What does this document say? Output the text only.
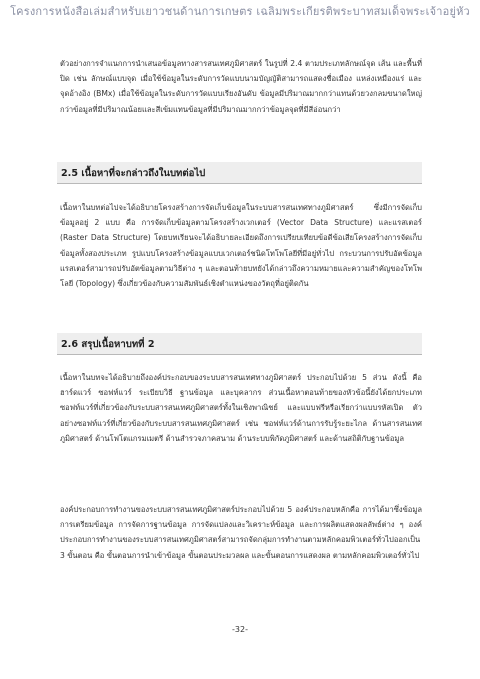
โครงการหนังสือเล่มสำหรับเยาวชนด้านการเกษตร เฉลิมพระเกียรติพระบาทสมเด็จพระเจ้าอยู่หัว

ตัวอย่างการจำแนกการนำเสนอข้อมูลทางสารสนเทศภูมิศาสตร์ ในรูปที่ 2.4 ตามประเภทลักษณ์จุด เส้น และพื้นที่ปิด เช่น ลักษณ์แบบจุด เมื่อใช้ข้อมูลในระดับการวัดแบบนามบัญญัติสามารถแสดงชื่อเมือง แหล่งเหมืองแร่ และจุดอ้างอิง (BMx) เมื่อใช้ข้อมูลในระดับการวัดแบบเรียงอันดับ ข้อมูลมีปริมาณมากกว่าแทนด้วยวงกลมขนาดใหญ่กว่าข้อมูลที่มีปริมาณน้อยและสีเข้มแทนข้อมูลที่มีปริมาณมากกว่าข้อมูลจุดที่มีสีอ่อนกว่า

2.5 เนื้อหาที่จะกล่าวถึงในบทต่อไป

เนื้อหาในบทต่อไปจะได้อธิบายโครงสร้างการจัดเก็บข้อมูลในระบบสารสนเทศทางภูมิศาสตร์ ซึ่งมีการจัดเก็บข้อมูลอยู่ 2 แบบ คือ การจัดเก็บข้อมูลตามโครงสร้างเวกเตอร์ (Vector Data Structure) และแรสเตอร์ (Raster Data Structure) โดยบทเรียนจะได้อธิบายละเอียดถึงการเปรียบเทียบข้อดีข้อเสียโครงสร้างการจัดเก็บข้อมูลทั้งสองประเภท รูปแบบโครงสร้างข้อมูลแบบเวกเตอร์ชนิดโทโพโลยีที่มีอยู่ทั่วไป กระบวนการปรับอัตข้อมูลแรสเตอร์สามารถปรับอัตข้อมูลตามวิธีต่าง ๆ และตอนท้ายบทยังได้กล่าวถึงความหมายและความสำคัญของโทโพโลยี (Topology) ซึ่งเกี่ยวข้องกับความสัมพันธ์เชิงตำแหน่งของวัตถุที่อยู่ติดกัน

2.6 สรุปเนื้อหาบทที่ 2

เนื้อหาในบทจะได้อธิบายถึงองค์ประกอบของระบบสารสนเทศทางภูมิศาสตร์ ประกอบไปด้วย 5 ส่วน ดังนี้ คือ ฮาร์ดแวร์ ซอฟท์แวร์ ระเบียบวิธี ฐานข้อมูล และบุคลากร ส่วนเนื้อหาตอนท้ายของหัวข้อนี้ยังได้ยกประเภทซอฟท์แวร์ที่เกี่ยวข้องกับระบบสารสนเทศภูมิศาสตร์ทั้งในเชิงพาณิชย์ และแบบฟรีหรือเรียกว่าแบบรหัสเปิด ตัวอย่างซอฟท์แวร์ที่เกี่ยวข้องกับระบบสารสนเทศภูมิศาสตร์ เช่น ซอฟท์แวร์ด้านการรับรู้ระยะไกล ด้านสารสนเทศภูมิศาสตร์ ด้านโฟโตแกรมเมตรี ด้านสำรวจภาคสนาม ด้านระบบพิกัดภูมิศาสตร์ และด้านสถิติกับฐานข้อมูล

องค์ประกอบการทำงานของระบบสารสนเทศภูมิศาสตร์ประกอบไปด้วย 5 องค์ประกอบหลักคือ การได้มาซึ่งข้อมูล การเตรียมข้อมูล การจัดการฐานข้อมูล การจัดแปลงและวิเคราะห์ข้อมูล และการผลิตแสดงผลลัพธ์ต่าง ๆ องค์ประกอบการทำงานของระบบสารสนเทศภูมิศาสตร์สามารถจัดกลุ่มการทำงานตามหลักคอมพิวเตอร์ทั่วไปออกเป็น 3 ขั้นตอน คือ ขั้นตอนการนำเข้าข้อมูล ขั้นตอนประมวลผล และขั้นตอนการแสดงผล ตามหลักคอมพิวเตอร์ทั่วไป

-32-
